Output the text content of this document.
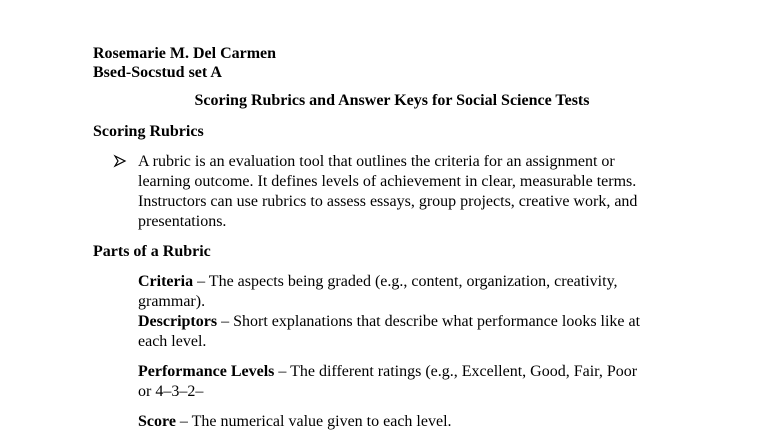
Rosemarie M. Del Carmen
Bsed-Socstud set A
Scoring Rubrics and Answer Keys for Social Science Tests
Scoring Rubrics
A rubric is an evaluation tool that outlines the criteria for an assignment or
learning outcome. It defines levels of achievement in clear, measurable terms.
Instructors can use rubrics to assess essays, group projects, creative work, and
presentations.
Parts of a Rubric
Criteria – The aspects being graded (e.g., content, organization, creativity,
grammar).
Descriptors – Short explanations that describe what performance looks like at
each level.
Performance Levels – The different ratings (e.g., Excellent, Good, Fair, Poor
or 4–3–2–
Score – The numerical value given to each level.
